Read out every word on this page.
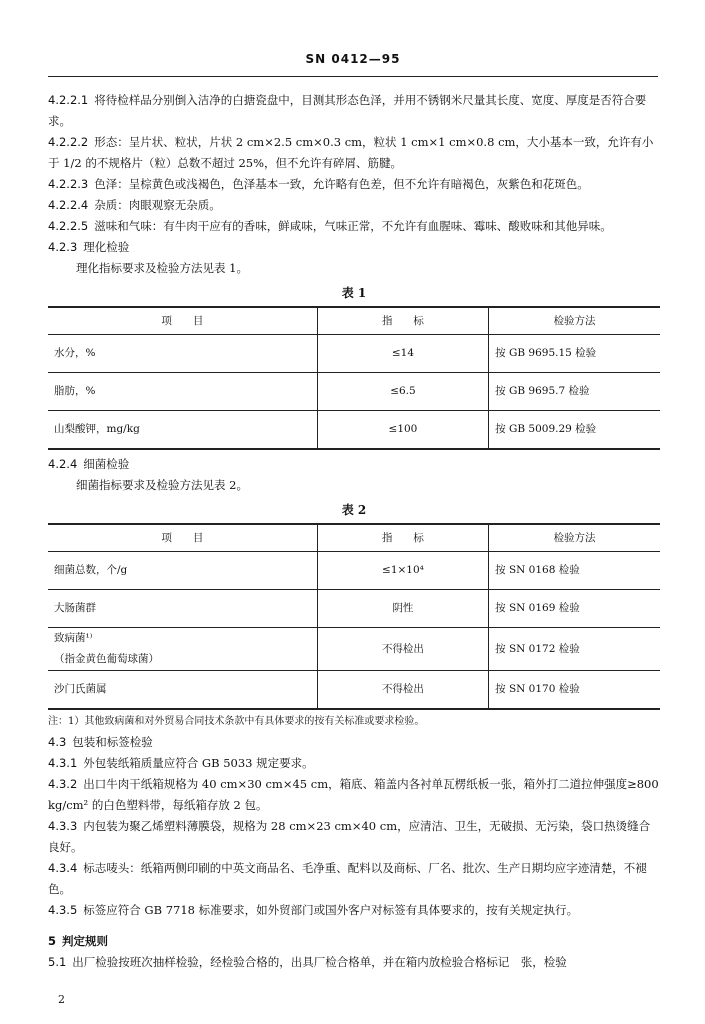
SN 0412—95

4.2.2.1 将待检样品分别倒入洁净的白搪瓷盘中，目测其形态色泽，并用不锈钢米尺量其长度、宽度、厚度是否符合要求。

4.2.2.2 形态：呈片状、粒状，片状 2 cm×2.5 cm×0.3 cm，粒状 1 cm×1 cm×0.8 cm，大小基本一致，允许有小于 1/2 的不规格片（粒）总数不超过 25%，但不允许有碎屑、筋腱。

4.2.2.3 色泽：呈棕黄色或浅褐色，色泽基本一致，允许略有色差，但不允许有暗褐色，灰紫色和花斑色。

4.2.2.4 杂质：肉眼观察无杂质。

4.2.2.5 滋味和气味：有牛肉干应有的香味，鲜咸味，气味正常，不允许有血腥味、霉味、酸败味和其他异味。

4.2.3 理化检验

理化指标要求及检验方法见表 1。

表 1
项　　目	指　　标	检验方法
水分，%	≤14	按 GB 9695.15 检验
脂肪，%	≤6.5	按 GB 9695.7 检验
山梨酸钾，mg/kg	≤100	按 GB 5009.29 检验

4.2.4 细菌检验

细菌指标要求及检验方法见表 2。

表 2
项　　目	指　　标	检验方法

细菌总数，个/g	≤1×10⁴	按 SN 0168 检验

大肠菌群	阴性	按 SN 0169 检验

致病菌¹⁾
（指金黄色葡萄球菌）	不得检出	按 SN 0172 检验

沙门氏菌属	不得检出	按 SN 0170 检验

注：1）其他致病菌和对外贸易合同技术条款中有具体要求的按有关标准或要求检验。

4.3 包装和标签检验

4.3.1 外包装纸箱质量应符合 GB 5033 规定要求。

4.3.2 出口牛肉干纸箱规格为 40 cm×30 cm×45 cm，箱底、箱盖内各衬单瓦楞纸板一张，箱外打二道拉伸强度≥800 kg/cm² 的白色塑料带，每纸箱存放 2 包。

4.3.3 内包装为聚乙烯塑料薄膜袋，规格为 28 cm×23 cm×40 cm，应清洁、卫生，无破损、无污染，袋口热烫缝合良好。

4.3.4 标志唛头：纸箱两侧印刷的中英文商品名、毛净重、配料以及商标、厂名、批次、生产日期均应字迹清楚，不褪色。

4.3.5 标签应符合 GB 7718 标准要求，如外贸部门或国外客户对标签有具体要求的，按有关规定执行。

5 判定规则

5.1 出厂检验按班次抽样检验，经检验合格的，出具厂检合格单，并在箱内放检验合格标记　张，检验

2
